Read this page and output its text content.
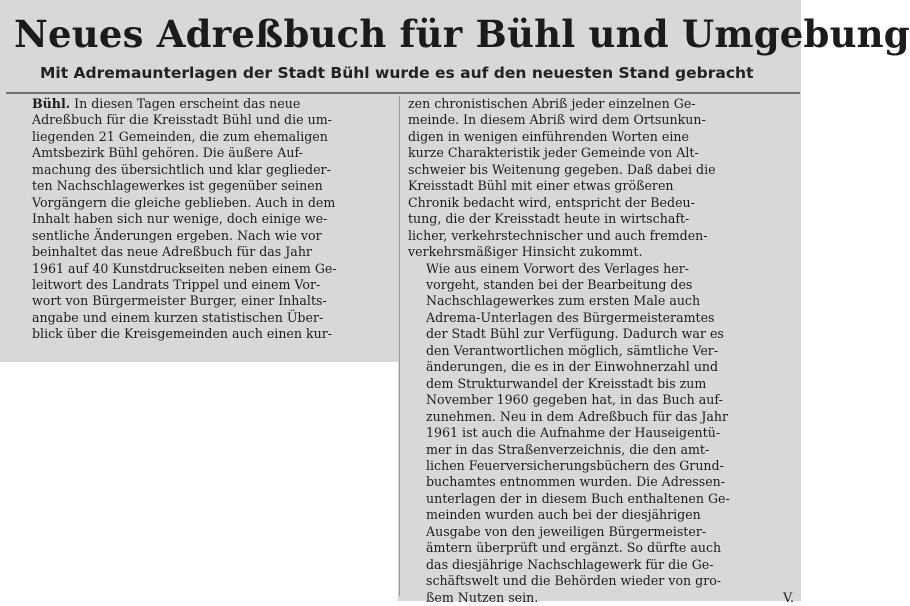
Neues Adreßbuch für Bühl und Umgebung
Mit Adremaunterlagen der Stadt Bühl wurde es auf den neuesten Stand gebracht

Bühl. In diesen Tagen erscheint das neue
Adreßbuch für die Kreisstadt Bühl und die um-
liegenden 21 Gemeinden, die zum ehemaligen
Amtsbezirk Bühl gehören. Die äußere Auf-
machung des übersichtlich und klar geglieder-
ten Nachschlagewerkes ist gegenüber seinen
Vorgängern die gleiche geblieben. Auch in dem
Inhalt haben sich nur wenige, doch einige we-
sentliche Änderungen ergeben. Nach wie vor
beinhaltet das neue Adreßbuch für das Jahr
1961 auf 40 Kunstdruckseiten neben einem Ge-
leitwort des Landrats Trippel und einem Vor-
wort von Bürgermeister Burger, einer Inhalts-
angabe und einem kurzen statistischen Über-
blick über die Kreisgemeinden auch einen kur-

zen chronistischen Abriß jeder einzelnen Ge-
meinde. In diesem Abriß wird dem Ortsunkun-
digen in wenigen einführenden Worten eine
kurze Charakteristik jeder Gemeinde von Alt-
schweier bis Weitenung gegeben. Daß dabei die
Kreisstadt Bühl mit einer etwas größeren
Chronik bedacht wird, entspricht der Bedeu-
tung, die der Kreisstadt heute in wirtschaft-
licher, verkehrstechnischer und auch fremden-
verkehrsmäßiger Hinsicht zukommt.

Wie aus einem Vorwort des Verlages her-
vorgeht, standen bei der Bearbeitung des
Nachschlagewerkes zum ersten Male auch
Adrema-Unterlagen des Bürgermeisteramtes
der Stadt Bühl zur Verfügung. Dadurch war es
den Verantwortlichen möglich, sämtliche Ver-
änderungen, die es in der Einwohnerzahl und
dem Strukturwandel der Kreisstadt bis zum
November 1960 gegeben hat, in das Buch auf-
zunehmen. Neu in dem Adreßbuch für das Jahr
1961 ist auch die Aufnahme der Hauseigentü-
mer in das Straßenverzeichnis, die den amt-
lichen Feuerversicherungsbüchern des Grund-
buchamtes entnommen wurden. Die Adressen-
unterlagen der in diesem Buch enthaltenen Ge-
meinden wurden auch bei der diesjährigen
Ausgabe von den jeweiligen Bürgermeister-
ämtern überprüft und ergänzt. So dürfte auch
das diesjährige Nachschlagewerk für die Ge-
schäftswelt und die Behörden wieder von gro-
ßem Nutzen sein.	V.
